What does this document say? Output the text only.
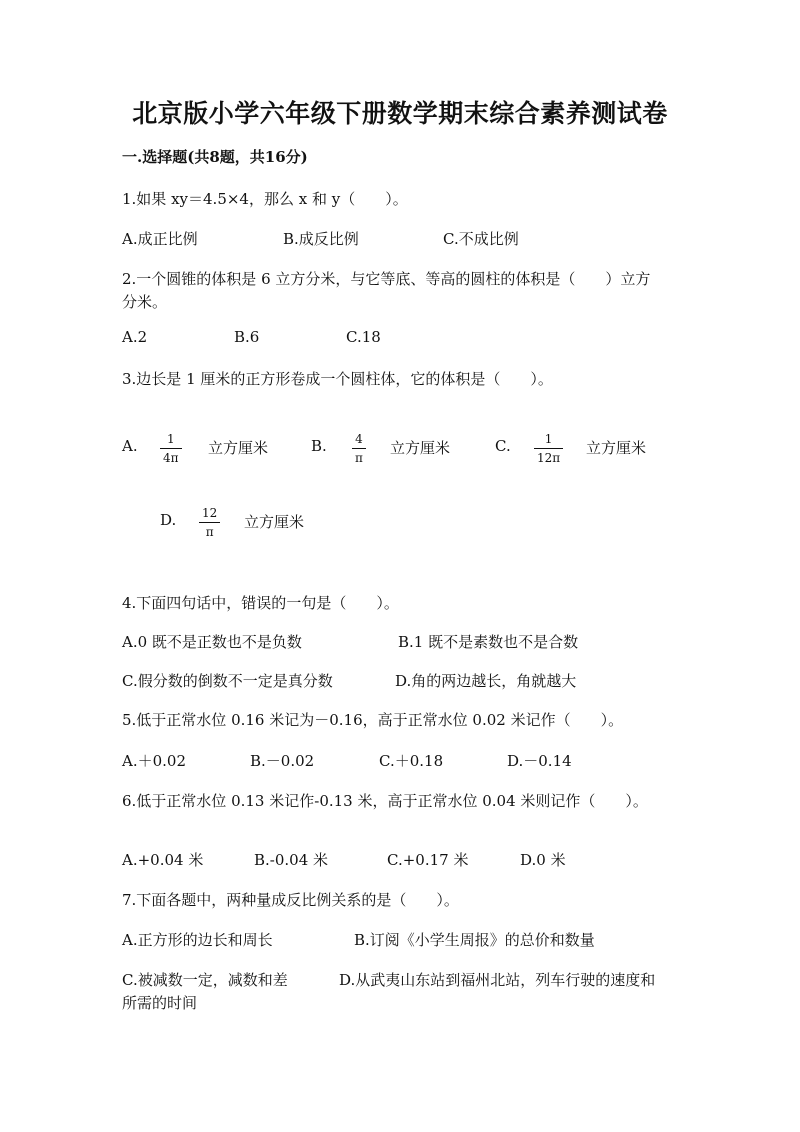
北京版小学六年级下册数学期末综合素养测试卷
一.选择题(共8题，共16分)
1.如果 xy＝4.5×4，那么 x 和 y（　　）。
A.成正比例	B.成反比例	C.不成比例
2.一个圆锥的体积是 6 立方分米，与它等底、等高的圆柱的体积是（　　）立方
分米。
A.2	B.6	C.18
3.边长是 1 厘米的正方形卷成一个圆柱体，它的体积是（　　）。
A. 1
4π
立方厘米	B. 4
π
立方厘米	C.	1
12π
立方厘米
D. 12
π
立方厘米
4.下面四句话中，错误的一句是（　　）。
A.0 既不是正数也不是负数	B.1 既不是素数也不是合数
C.假分数的倒数不一定是真分数	D.角的两边越长，角就越大
5.低于正常水位 0.16 米记为－0.16，高于正常水位 0.02 米记作（　　）。
A.＋0.02	B.－0.02	C.＋0.18	D.－0.14
6.低于正常水位 0.13 米记作-0.13 米，高于正常水位 0.04 米则记作（　　）。
A.+0.04 米	B.-0.04 米	C.+0.17 米	D.0 米
7.下面各题中，两种量成反比例关系的是（　　）。
A.正方形的边长和周长	B.订阅《小学生周报》的总价和数量
C.被减数一定，减数和差	D.从武夷山东站到福州北站，列车行驶的速度和
所需的时间
